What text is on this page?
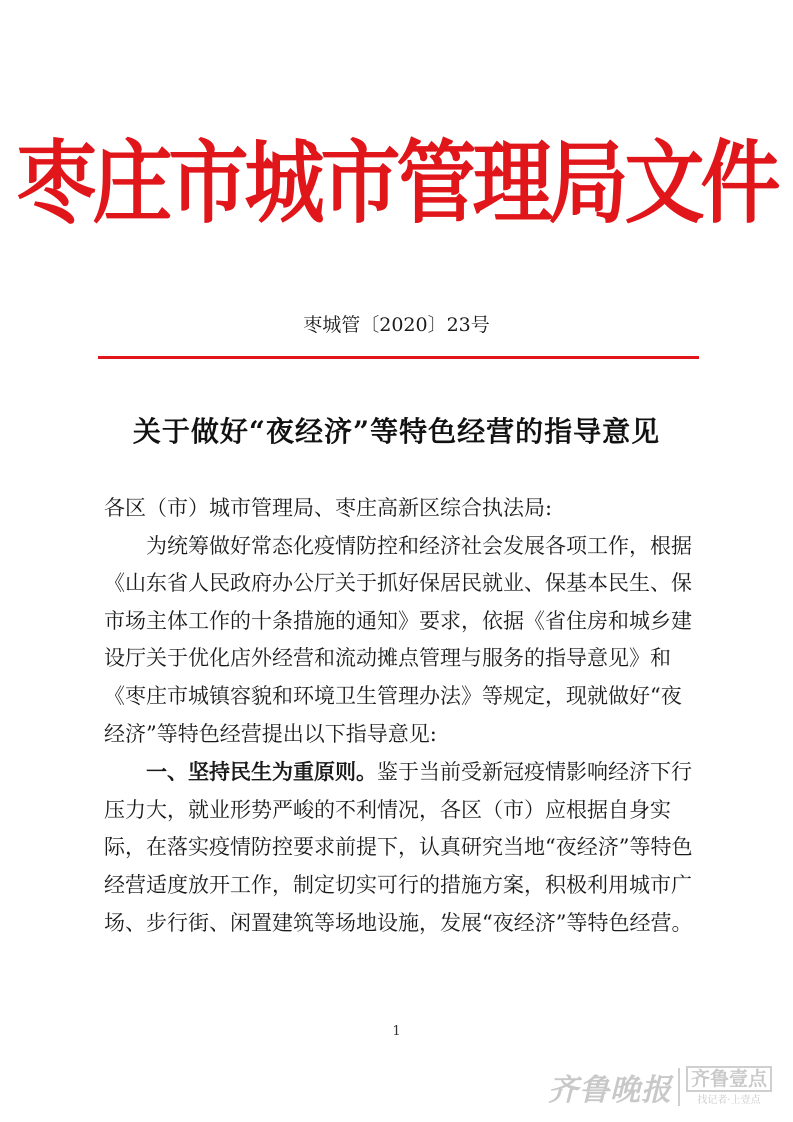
枣庄市城市管理局文件
枣城管〔2020〕23号
关于做好“夜经济”等特色经营的指导意见

各区（市）城市管理局、枣庄高新区综合执法局:

为统筹做好常态化疫情防控和经济社会发展各项工作，根据《山东省人民政府办公厅关于抓好保居民就业、保基本民生、保市场主体工作的十条措施的通知》要求，依据《省住房和城乡建设厅关于优化店外经营和流动摊点管理与服务的指导意见》和《枣庄市城镇容貌和环境卫生管理办法》等规定，现就做好“夜经济”等特色经营提出以下指导意见:

一、坚持民生为重原则。鉴于当前受新冠疫情影响经济下行压力大，就业形势严峻的不利情况，各区（市）应根据自身实际，在落实疫情防控要求前提下，认真研究当地“夜经济”等特色经营适度放开工作，制定切实可行的措施方案，积极利用城市广场、步行街、闲置建筑等场地设施，发展“夜经济”等特色经营。

1
齐鲁晚报 齐鲁壹点
找记者·上壹点
